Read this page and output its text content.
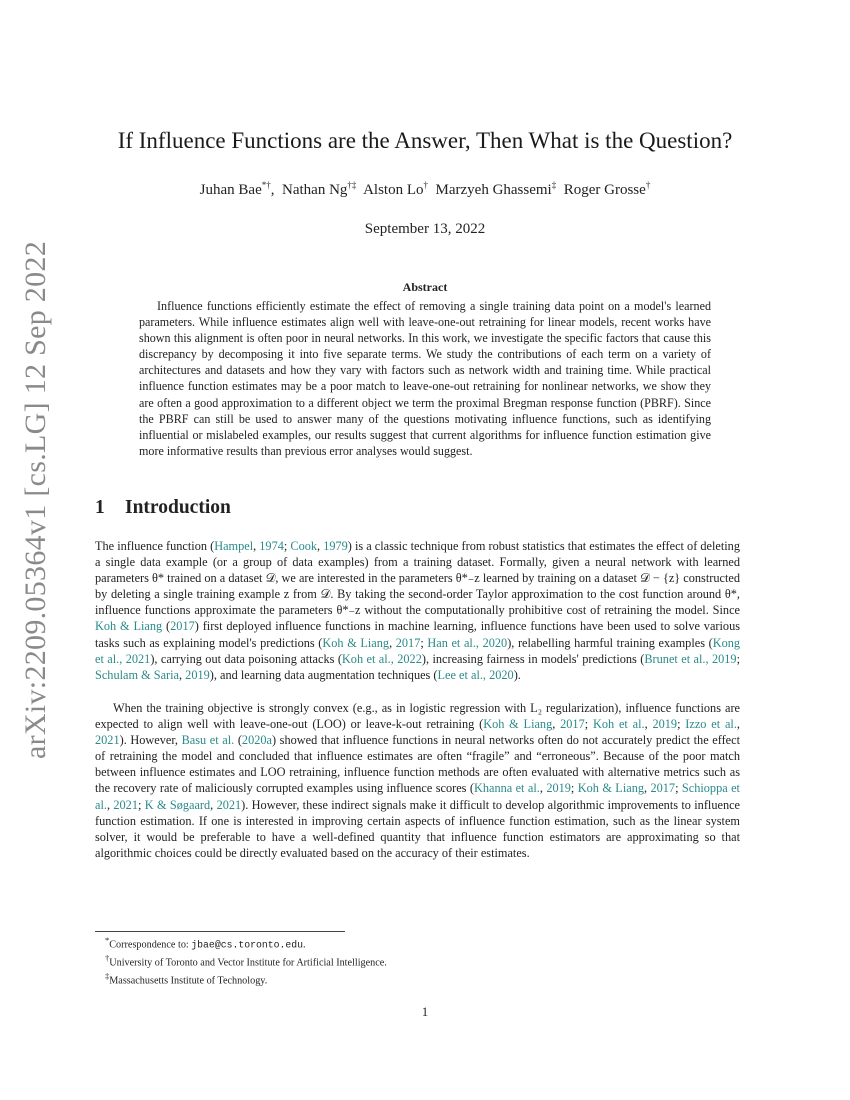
arXiv:2209.05364v1 [cs.LG] 12 Sep 2022
If Influence Functions are the Answer, Then What is the Question?
Juhan Bae*†,  Nathan Ng†‡ Alston Lo† Marzyeh Ghassemi‡ Roger Grosse†
September 13, 2022
Abstract
Influence functions efficiently estimate the effect of removing a single training data point on a model's learned parameters. While influence estimates align well with leave-one-out retraining for linear models, recent works have shown this alignment is often poor in neural networks. In this work, we investigate the specific factors that cause this discrepancy by decomposing it into five separate terms. We study the contributions of each term on a variety of architectures and datasets and how they vary with factors such as network width and training time. While practical influence function estimates may be a poor match to leave-one-out retraining for nonlinear networks, we show they are often a good approximation to a different object we term the proximal Bregman response function (PBRF). Since the PBRF can still be used to answer many of the questions motivating influence functions, such as identifying influential or mislabeled examples, our results suggest that current algorithms for influence function estimation give more informative results than previous error analyses would suggest.
1 Introduction
The influence function (Hampel, 1974; Cook, 1979) is a classic technique from robust statistics that estimates the effect of deleting a single data example (or a group of data examples) from a training dataset. Formally, given a neural network with learned parameters θ* trained on a dataset 𝒟, we are interested in the parameters θ*₋z learned by training on a dataset 𝒟 − {z} constructed by deleting a single training example z from 𝒟. By taking the second-order Taylor approximation to the cost function around θ*, influence functions approximate the parameters θ*₋z without the computationally prohibitive cost of retraining the model. Since Koh & Liang (2017) first deployed influence functions in machine learning, influence functions have been used to solve various tasks such as explaining model's predictions (Koh & Liang, 2017; Han et al., 2020), relabelling harmful training examples (Kong et al., 2021), carrying out data poisoning attacks (Koh et al., 2022), increasing fairness in models' predictions (Brunet et al., 2019; Schulam & Saria, 2019), and learning data augmentation techniques (Lee et al., 2020).
When the training objective is strongly convex (e.g., as in logistic regression with L₂ regularization), influence functions are expected to align well with leave-one-out (LOO) or leave-k-out retraining (Koh & Liang, 2017; Koh et al., 2019; Izzo et al., 2021). However, Basu et al. (2020a) showed that influence functions in neural networks often do not accurately predict the effect of retraining the model and concluded that influence estimates are often “fragile” and “erroneous”. Because of the poor match between influence estimates and LOO retraining, influence function methods are often evaluated with alternative metrics such as the recovery rate of maliciously corrupted examples using influence scores (Khanna et al., 2019; Koh & Liang, 2017; Schioppa et al., 2021; K & Søgaard, 2021). However, these indirect signals make it difficult to develop algorithmic improvements to influence function estimation. If one is interested in improving certain aspects of influence function estimation, such as the linear system solver, it would be preferable to have a well-defined quantity that influence function estimators are approximating so that algorithmic choices could be directly evaluated based on the accuracy of their estimates.
*Correspondence to: jbae@cs.toronto.edu.
†University of Toronto and Vector Institute for Artificial Intelligence.
‡Massachusetts Institute of Technology.
1
